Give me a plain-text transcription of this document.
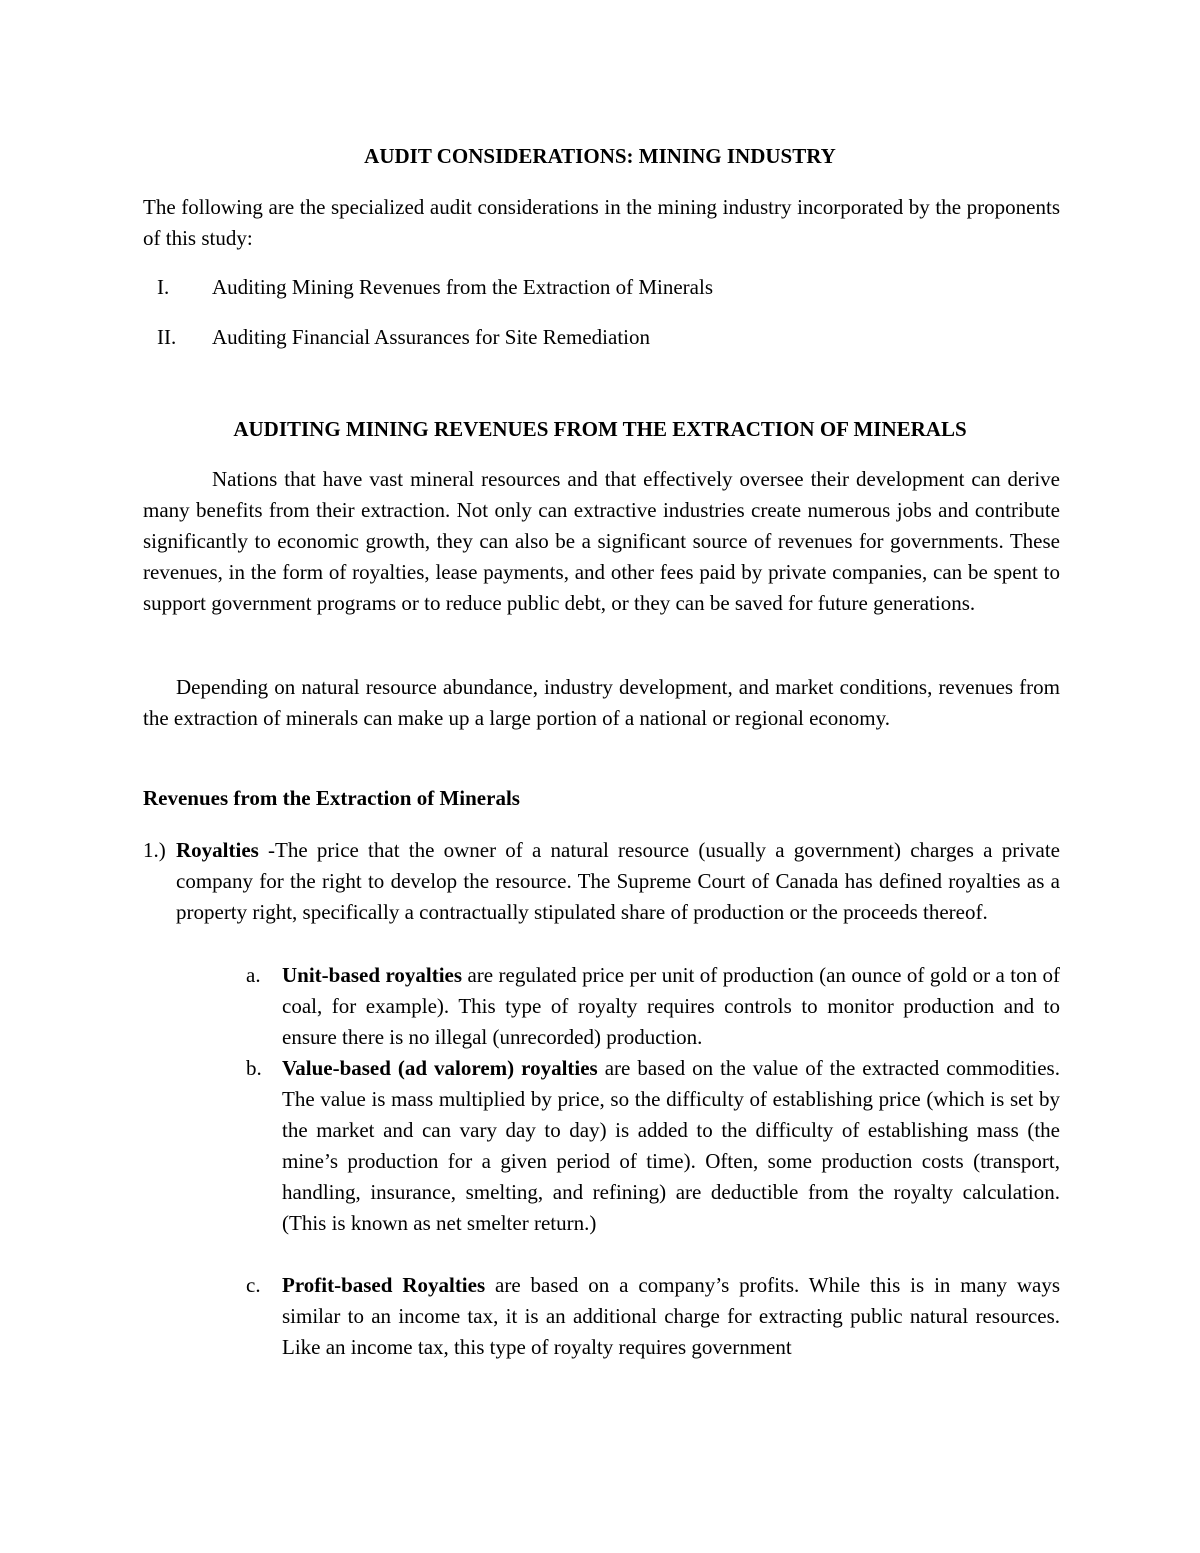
AUDIT CONSIDERATIONS: MINING INDUSTRY
The following are the specialized audit considerations in the mining industry incorporated by the proponents of this study:
I.	Auditing Mining Revenues from the Extraction of Minerals
II.	Auditing Financial Assurances for Site Remediation
AUDITING MINING REVENUES FROM THE EXTRACTION OF MINERALS
Nations that have vast mineral resources and that effectively oversee their development can derive many benefits from their extraction. Not only can extractive industries create numerous jobs and contribute significantly to economic growth, they can also be a significant source of revenues for governments. These revenues, in the form of royalties, lease payments, and other fees paid by private companies, can be spent to support government programs or to reduce public debt, or they can be saved for future generations.
Depending on natural resource abundance, industry development, and market conditions, revenues from the extraction of minerals can make up a large portion of a national or regional economy.
Revenues from the Extraction of Minerals
1.) Royalties -The price that the owner of a natural resource (usually a government) charges a private company for the right to develop the resource. The Supreme Court of Canada has defined royalties as a property right, specifically a contractually stipulated share of production or the proceeds thereof.
a. Unit-based royalties are regulated price per unit of production (an ounce of gold or a ton of coal, for example). This type of royalty requires controls to monitor production and to ensure there is no illegal (unrecorded) production.
b. Value-based (ad valorem) royalties are based on the value of the extracted commodities. The value is mass multiplied by price, so the difficulty of establishing price (which is set by the market and can vary day to day) is added to the difficulty of establishing mass (the mine’s production for a given period of time). Often, some production costs (transport, handling, insurance, smelting, and refining) are deductible from the royalty calculation. (This is known as net smelter return.)
c. Profit-based Royalties are based on a company’s profits. While this is in many ways similar to an income tax, it is an additional charge for extracting public natural resources. Like an income tax, this type of royalty requires government
